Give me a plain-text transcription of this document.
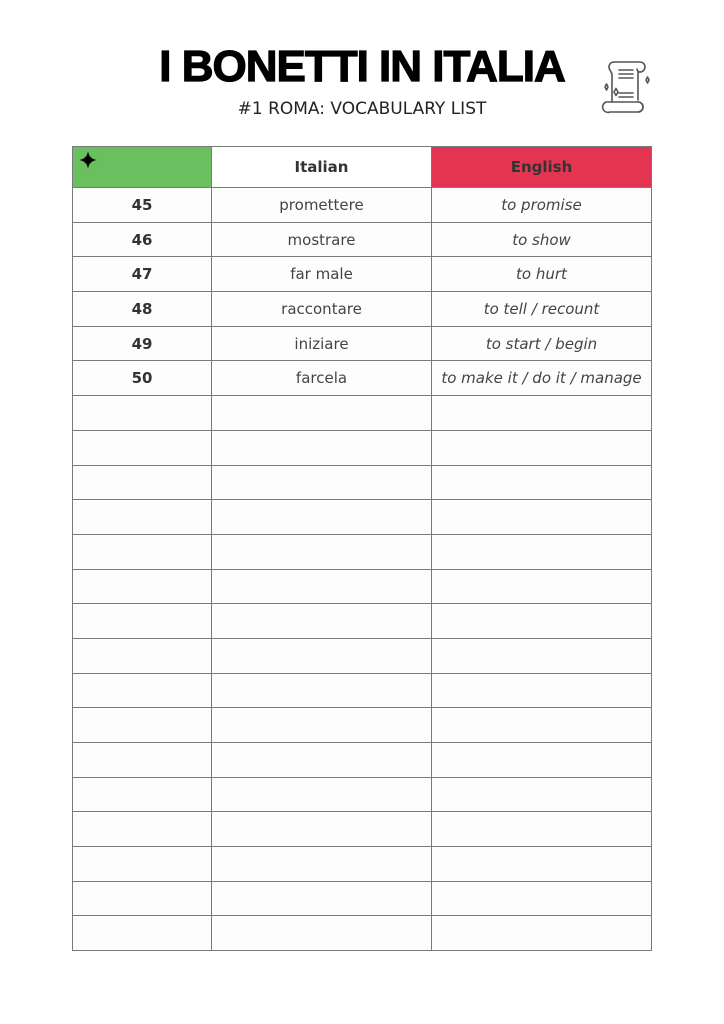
I BONETTI IN ITALIA
#1 ROMA: VOCABULARY LIST
	Italian	English
45	promettere	to promise
46	mostrare	to show
47	far male	to hurt
48	raccontare	to tell / recount
49	iniziare	to start / begin
50	farcela	to make it / do it / manage
